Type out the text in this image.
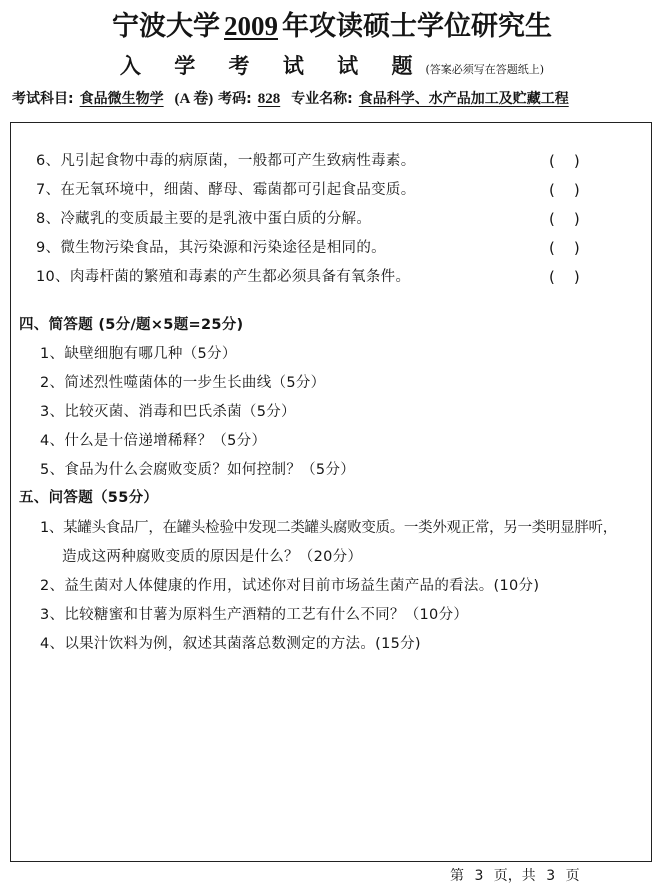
宁波大学 2009 年攻读硕士学位研究生
入 学 考 试 试 题(答案必须写在答题纸上)
考试科目: 食品微生物学 (A 卷) 考码: 828 专业名称: 食品科学、水产品加工及贮藏工程
6、凡引起食物中毒的病原菌，一般都可产生致病性毒素。	(    )
7、在无氧环境中，细菌、酵母、霉菌都可引起食品变质。	(    )
8、冷藏乳的变质最主要的是乳液中蛋白质的分解。	(    )
9、微生物污染食品，其污染源和污染途径是相同的。	(    )
10、肉毒杆菌的繁殖和毒素的产生都必须具备有氧条件。	(    )
四、简答题 (5分/题×5题=25分)
1、缺壁细胞有哪几种（5分）
2、简述烈性噬菌体的一步生长曲线（5分）
3、比较灭菌、消毒和巴氏杀菌（5分）
4、什么是十倍递增稀释？（5分）
5、食品为什么会腐败变质？如何控制？（5分）
五、问答题（55分）
1、某罐头食品厂，在罐头检验中发现二类罐头腐败变质。一类外观正常，另一类明显胖听，
造成这两种腐败变质的原因是什么？（20分）
2、益生菌对人体健康的作用，试述你对目前市场益生菌产品的看法。(10分)
3、比较糖蜜和甘薯为原料生产酒精的工艺有什么不同？（10分）
4、以果汁饮料为例，叙述其菌落总数测定的方法。(15分)
第 3 页，共 3 页
